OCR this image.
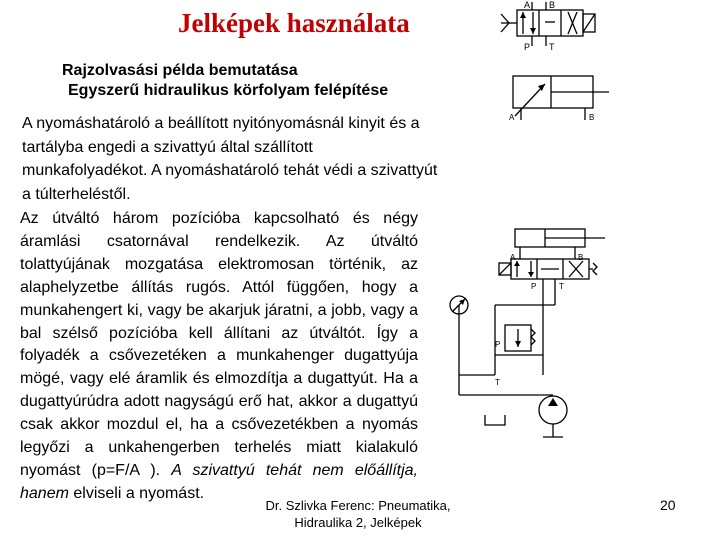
Jelképek használata
Rajzolvasási példa bemutatása
Egyszerű hidraulikus körfolyam felépítése
A nyomáshatároló a beállított nyitónyomásnál kinyit és a tartályba engedi a szivattyú által szállított munkafolyadékot. A nyomáshatároló tehát védi a szivattyút a túlterheléstől.
Az útváltó három pozícióba kapcsolható és négy áramlási csatornával rendelkezik. Az útváltó tolattyújának mozgatása elektromosan történik, az alaphelyzetbe állítás rugós. Attól függően, hogy a munkahengert ki, vagy be akarjuk járatni, a jobb, vagy a bal szélső pozícióba kell állítani az útváltót. Így a folyadék a csővezetéken a munkahenger dugattyúja mögé, vagy elé áramlik és elmozdítja a dugattyút. Ha a dugattyúrúdra adott nagyságú erő hat, akkor a dugattyú csak akkor mozdul el, ha a csővezetékben a nyomás legyőzi a unkahengerben terhelés miatt kialakuló nyomást (p=F/A ). A szivattyú tehát nem előállítja, hanem elviseli a nyomást.
Dr. Szlivka Ferenc: Pneumatika,
Hidraulika 2, Jelképek
20
A B
P T
A	B
A	B
P	T
P
T
